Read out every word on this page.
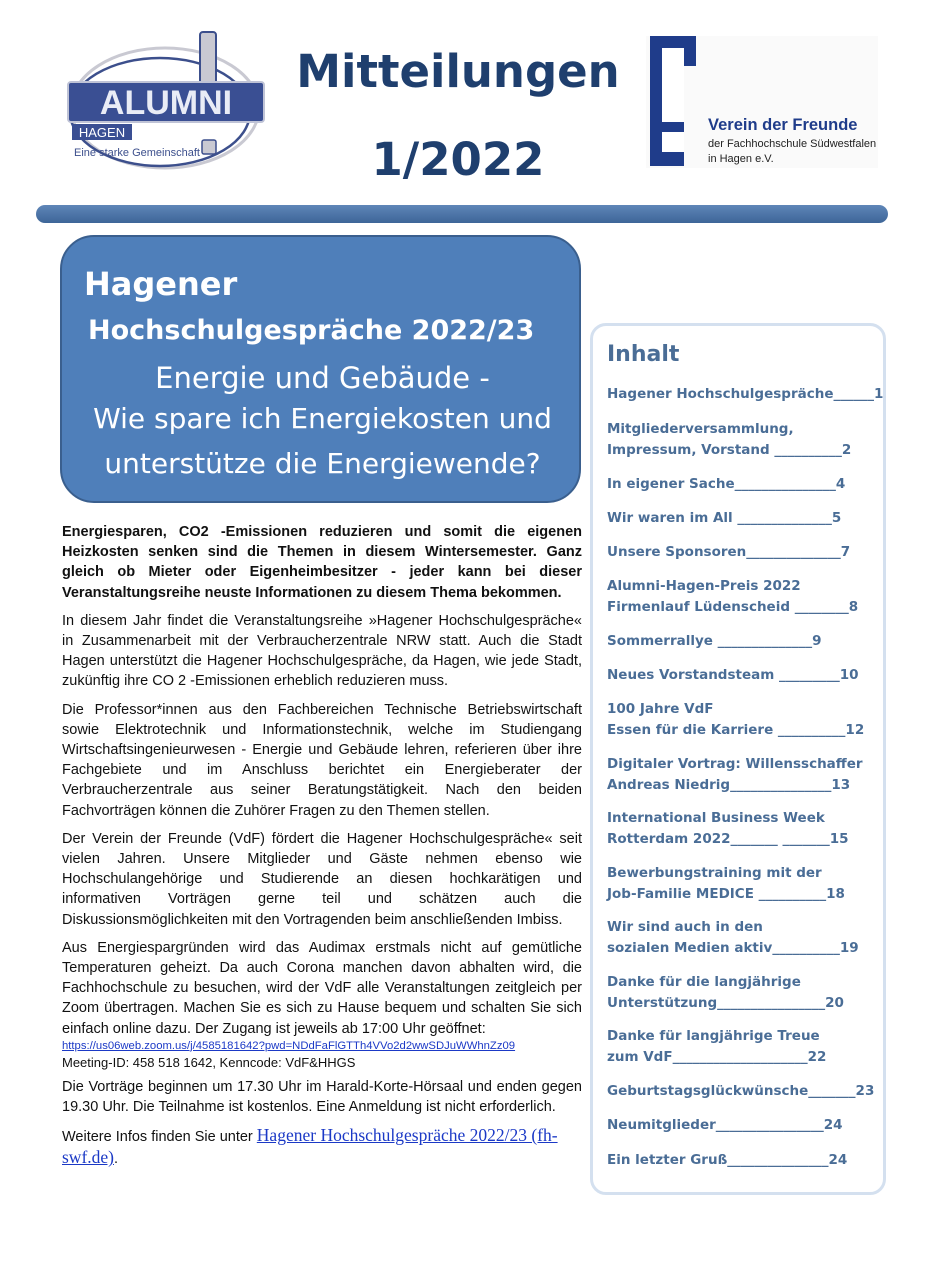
ALUMNI
HAGEN
Eine starke Gemeinschaft
Mitteilungen
1/2022
Verein der Freunde
der Fachhochschule Südwestfalen
in Hagen e.V.
Hagener
Hochschulgespräche 2022/23
Energie und Gebäude -
Wie spare ich Energiekosten und
unterstütze die Energiewende?

Energiesparen, CO2 -Emissionen reduzieren und somit die eigenen Heizkosten senken sind die Themen in diesem Wintersemester. Ganz gleich ob Mieter oder Eigenheimbesitzer - jeder kann bei dieser Veranstaltungsreihe neuste Informationen zu diesem Thema bekommen.

In diesem Jahr findet die Veranstaltungsreihe »Hagener Hochschulgespräche« in Zusammenarbeit mit der Verbraucherzentrale NRW statt. Auch die Stadt Hagen unterstützt die Hagener Hochschulgespräche, da Hagen, wie jede Stadt, zukünftig ihre CO 2 -Emissionen erheblich reduzieren muss.

Die Professor*innen aus den Fachbereichen Technische Betriebswirtschaft sowie Elektrotechnik und Informationstechnik, welche im Studiengang Wirtschaftsingenieurwesen - Energie und Gebäude lehren, referieren über ihre Fachgebiete und im Anschluss berichtet ein Energieberater der Verbraucherzentrale aus seiner Beratungstätigkeit. Nach den beiden Fachvorträgen können die Zuhörer Fragen zu den Themen stellen.

Der Verein der Freunde (VdF) fördert die Hagener Hochschulgespräche« seit vielen Jahren. Unsere Mitglieder und Gäste nehmen ebenso wie Hochschulangehörige und Studierende an diesen hochkarätigen und informativen Vorträgen gerne teil und schätzen auch die Diskussionsmöglichkeiten mit den Vortragenden beim anschließenden Imbiss.

Aus Energiespargründen wird das Audimax erstmals nicht auf gemütliche Temperaturen geheizt. Da auch Corona manchen davon abhalten wird, die Fachhochschule zu besuchen, wird der VdF alle Veranstaltungen zeitgleich per Zoom übertragen. Machen Sie es sich zu Hause bequem und schalten Sie sich einfach online dazu. Der Zugang ist jeweils ab 17:00 Uhr geöffnet:
https://us06web.zoom.us/j/4585181642?pwd=NDdFaFlGTTh4VVo2d2wwSDJuWWhnZz09
Meeting-ID: 458 518 1642, Kenncode: VdF&HHGS

Die Vorträge beginnen um 17.30 Uhr im Harald-Korte-Hörsaal und enden gegen 19.30 Uhr. Die Teilnahme ist kostenlos. Eine Anmeldung ist nicht erforderlich.

Weitere Infos finden Sie unter Hagener Hochschulgespräche 2022/23 (fh-swf.de).

Inhalt
Hagener Hochschulgespräche______1
Mitgliederversammlung,
Impressum, Vorstand __________2
In eigener Sache_______________4
Wir waren im All ______________5
Unsere Sponsoren______________7
Alumni-Hagen-Preis 2022
Firmenlauf Lüdenscheid ________8
Sommerrallye ______________9
Neues Vorstandsteam _________10
100 Jahre VdF
Essen für die Karriere __________12
Digitaler Vortrag: Willensschaffer
Andreas Niedrig_______________13
International Business Week
Rotterdam 2022_______ _______15
Bewerbungstraining mit der
Job-Familie MEDICE __________18
Wir sind auch in den
sozialen Medien aktiv__________19
Danke für die langjährige
Unterstützung________________20
Danke für langjährige Treue
zum VdF____________________22
Geburtstagsglückwünsche_______23
Neumitglieder________________24
Ein letzter Gruß_______________24
